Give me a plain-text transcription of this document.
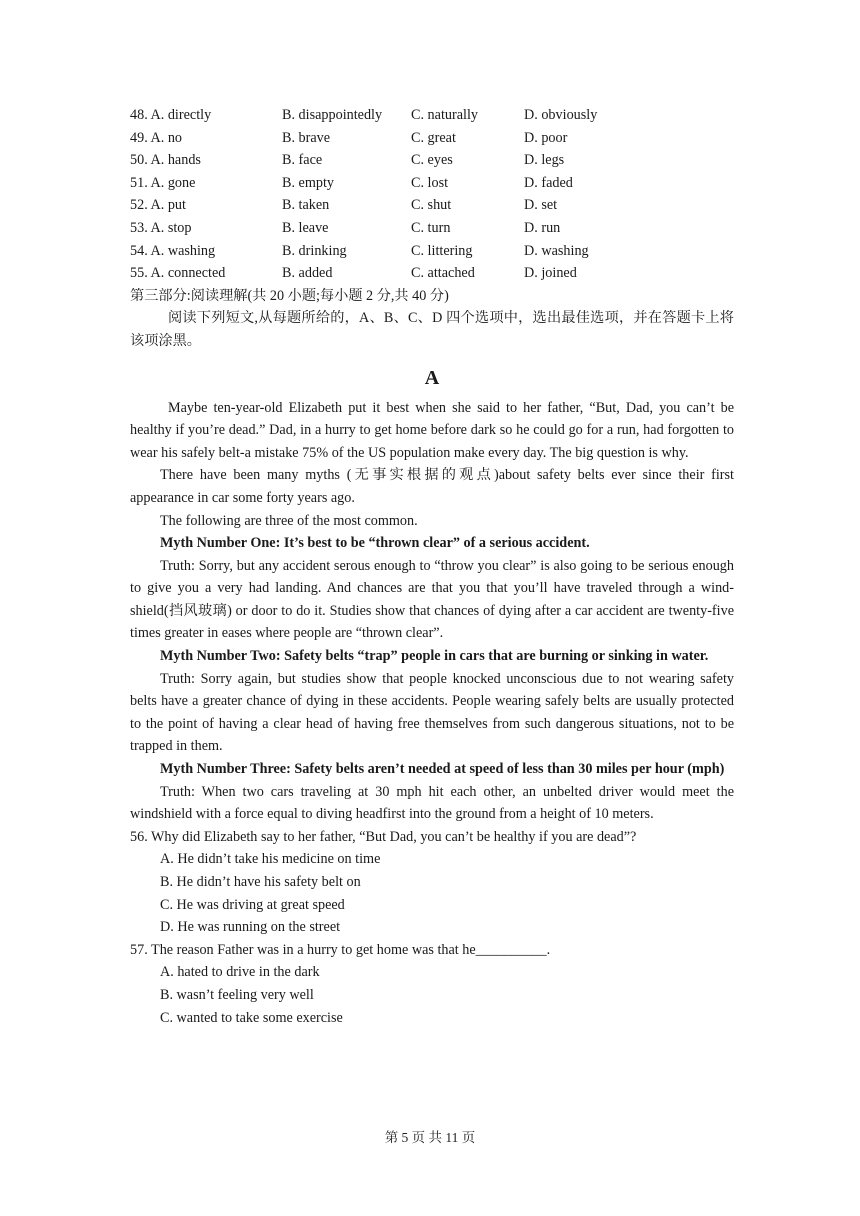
48. A. directly	B. disappointedly	C. naturally	D. obviously
49. A. no	B. brave	C. great	D. poor
50. A. hands	B. face	C. eyes	D. legs
51. A. gone	B. empty	C. lost	D. faded
52. A. put	B. taken	C. shut	D. set
53. A. stop	B. leave	C. turn	D. run
54. A. washing	B. drinking	C. littering	D. washing
55. A. connected	B. added	C. attached	D. joined
第三部分:阅读理解(共 20 小题;每小题 2 分,共 40 分)
阅读下列短文,从每题所给的，A、B、C、D 四个选项中，选出最佳选项，并在答题卡上将该项涂黑。
A
Maybe ten-year-old Elizabeth put it best when she said to her father, “But, Dad, you can’t be healthy if you’re dead.” Dad, in a hurry to get home before dark so he could go for a run, had forgotten to wear his safely belt-a mistake 75% of the US population make every day. The big question is why.
There have been many myths (无事实根据的观点)about safety belts ever since their first appearance in car some forty years ago.
The following are three of the most common.
Myth Number One: It’s best to be “thrown clear” of a serious accident.
Truth: Sorry, but any accident serous enough to “throw you clear” is also going to be serious enough to give you a very had landing. And chances are that you that you’ll have traveled through a wind-shield(挡风玻璃) or door to do it. Studies show that chances of dying after a car accident are twenty-five times greater in eases where people are “thrown clear”.
Myth Number Two: Safety belts “trap” people in cars that are burning or sinking in water.
Truth: Sorry again, but studies show that people knocked unconscious due to not wearing safety belts have a greater chance of dying in these accidents. People wearing safely belts are usually protected to the point of having a clear head of having free themselves from such dangerous situations, not to be trapped in them.
Myth Number Three: Safety belts aren’t needed at speed of less than 30 miles per hour (mph)
Truth: When two cars traveling at 30 mph hit each other, an unbelted driver would meet the windshield with a force equal to diving headfirst into the ground from a height of 10 meters.
56. Why did Elizabeth say to her father, “But Dad, you can’t be healthy if you are dead”?
A. He didn’t take his medicine on time
B. He didn’t have his safety belt on
C. He was driving at great speed
D. He was running on the street
57. The reason Father was in a hurry to get home was that he__________.
A. hated to drive in the dark
B. wasn’t feeling very well
C. wanted to take some exercise
第 5 页 共 11 页
